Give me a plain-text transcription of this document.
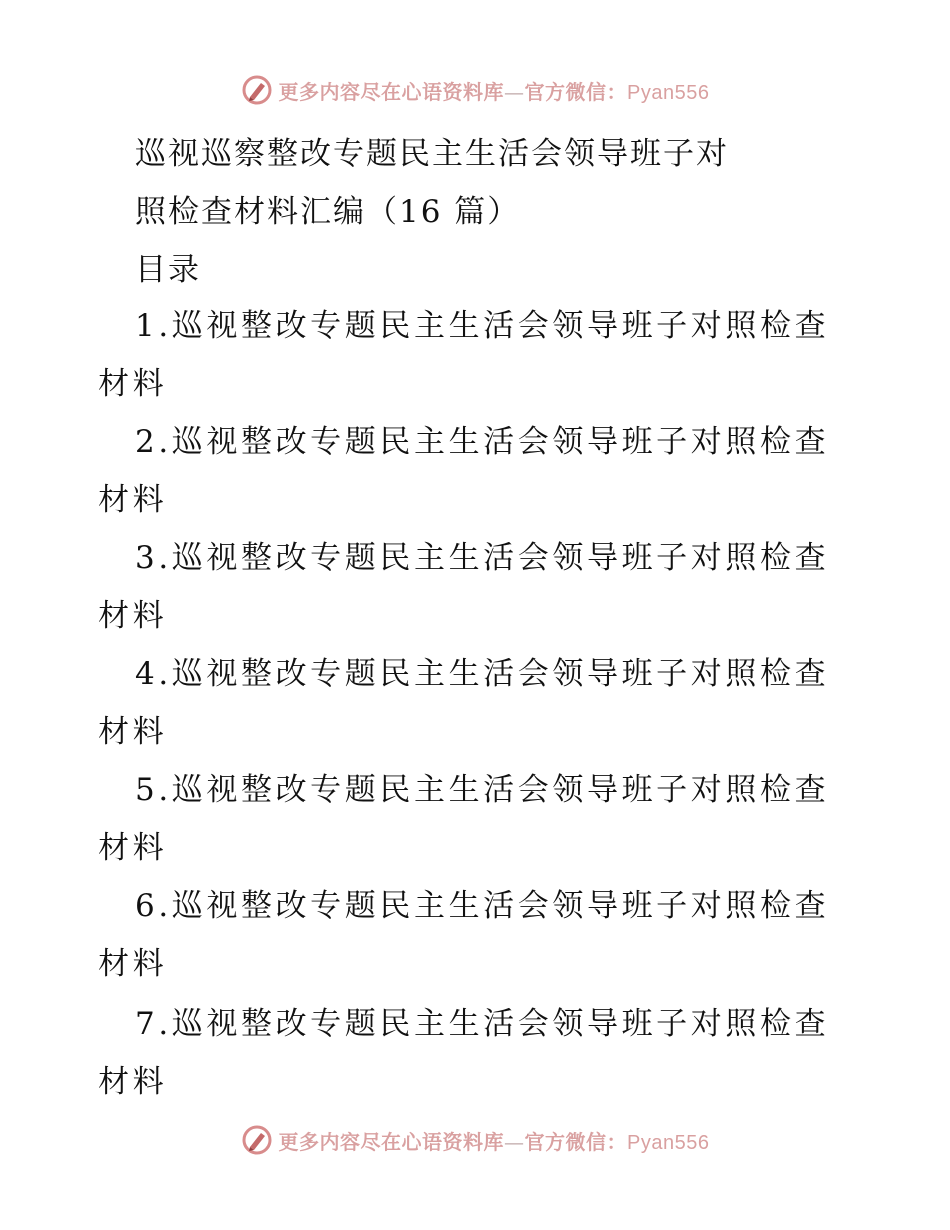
更多内容尽在心语资料库—官方微信：Pyan556
巡视巡察整改专题民主生活会领导班子对
照检查材料汇编（16 篇）
目录
1.巡视整改专题民主生活会领导班子对照检查材料
2.巡视整改专题民主生活会领导班子对照检查材料
3.巡视整改专题民主生活会领导班子对照检查材料
4.巡视整改专题民主生活会领导班子对照检查材料
5.巡视整改专题民主生活会领导班子对照检查材料
6.巡视整改专题民主生活会领导班子对照检查材料
7.巡视整改专题民主生活会领导班子对照检查材料
更多内容尽在心语资料库—官方微信：Pyan556
